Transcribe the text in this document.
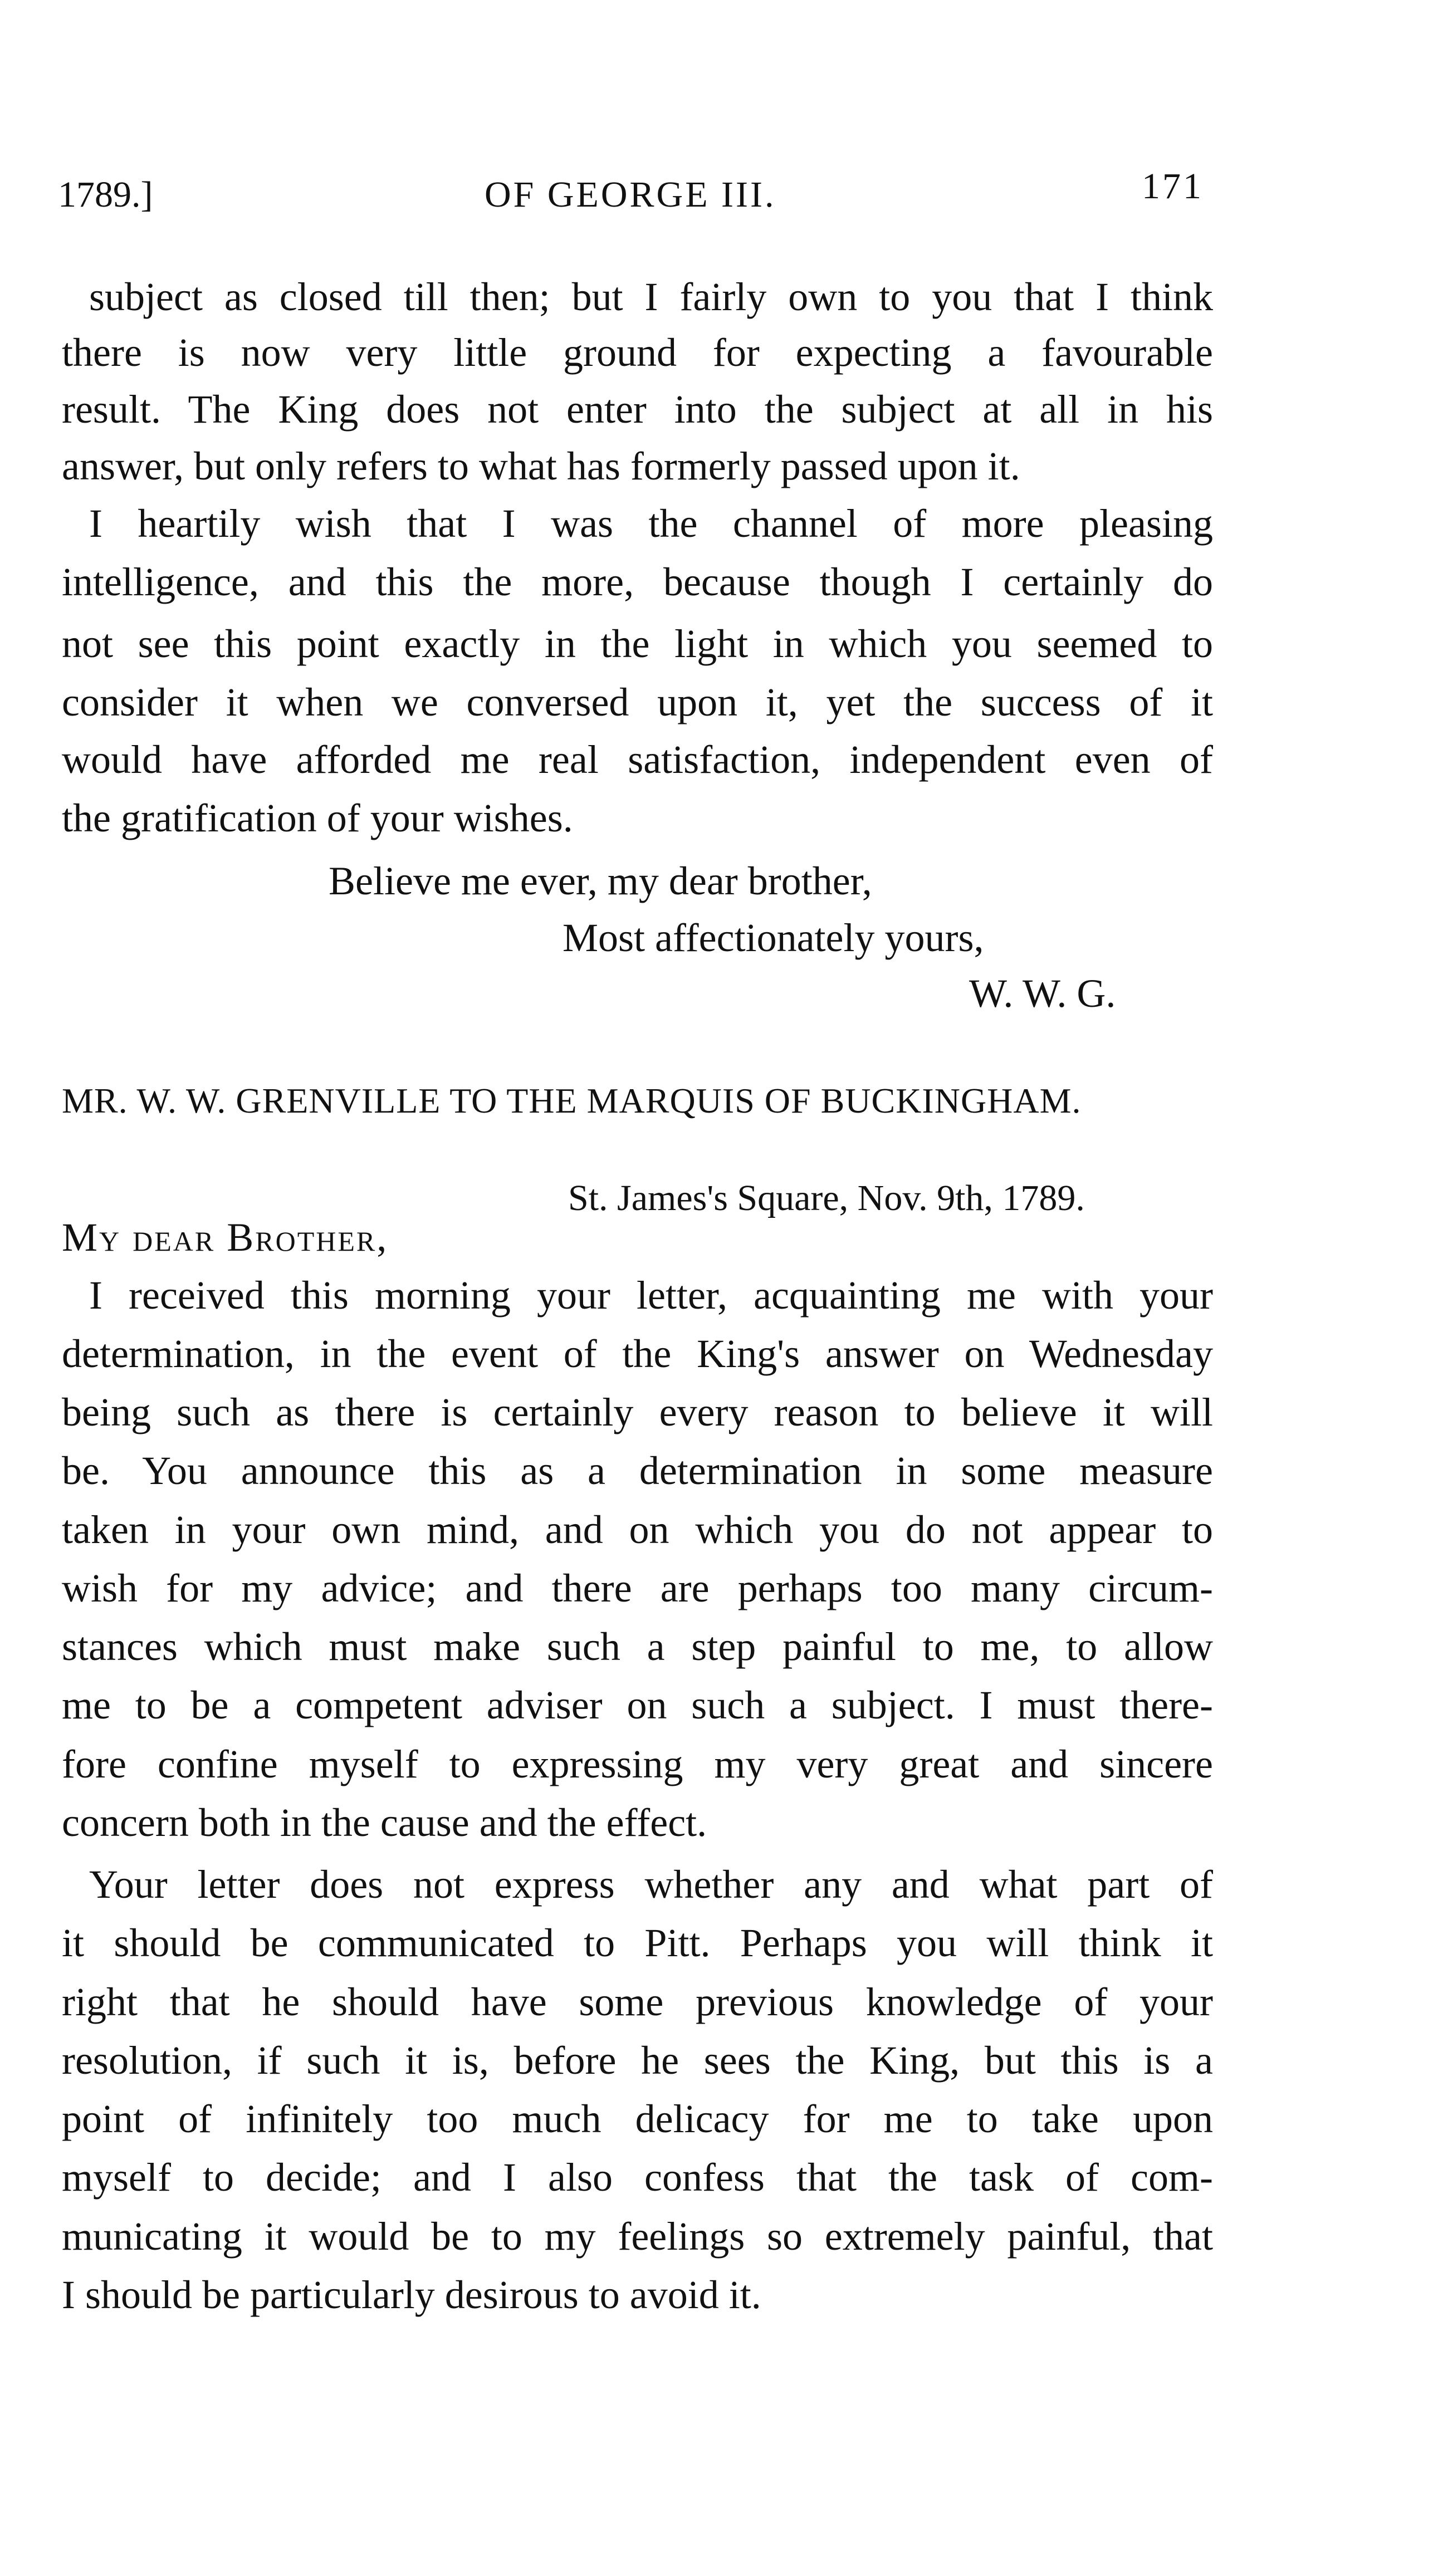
1789.]	OF GEORGE III.	171
subject as closed till then; but I fairly own to you that I think
there is now very little ground for expecting a favourable
result. The King does not enter into the subject at all in his
answer, but only refers to what has formerly passed upon it.
I heartily wish that I was the channel of more pleasing
intelligence, and this the more, because though I certainly do
not see this point exactly in the light in which you seemed to
consider it when we conversed upon it, yet the success of it
would have afforded me real satisfaction, independent even of
the gratification of your wishes.
Believe me ever, my dear brother,
Most affectionately yours,
W. W. G.
MR. W. W. GRENVILLE TO THE MARQUIS OF BUCKINGHAM.
St. James's Square, Nov. 9th, 1789.
My dear Brother,
I received this morning your letter, acquainting me with your
determination, in the event of the King's answer on Wednesday
being such as there is certainly every reason to believe it will
be. You announce this as a determination in some measure
taken in your own mind, and on which you do not appear to
wish for my advice; and there are perhaps too many circum-
stances which must make such a step painful to me, to allow
me to be a competent adviser on such a subject. I must there-
fore confine myself to expressing my very great and sincere
concern both in the cause and the effect.
Your letter does not express whether any and what part of
it should be communicated to Pitt. Perhaps you will think it
right that he should have some previous knowledge of your
resolution, if such it is, before he sees the King, but this is a
point of infinitely too much delicacy for me to take upon
myself to decide; and I also confess that the task of com-
municating it would be to my feelings so extremely painful, that
I should be particularly desirous to avoid it.
